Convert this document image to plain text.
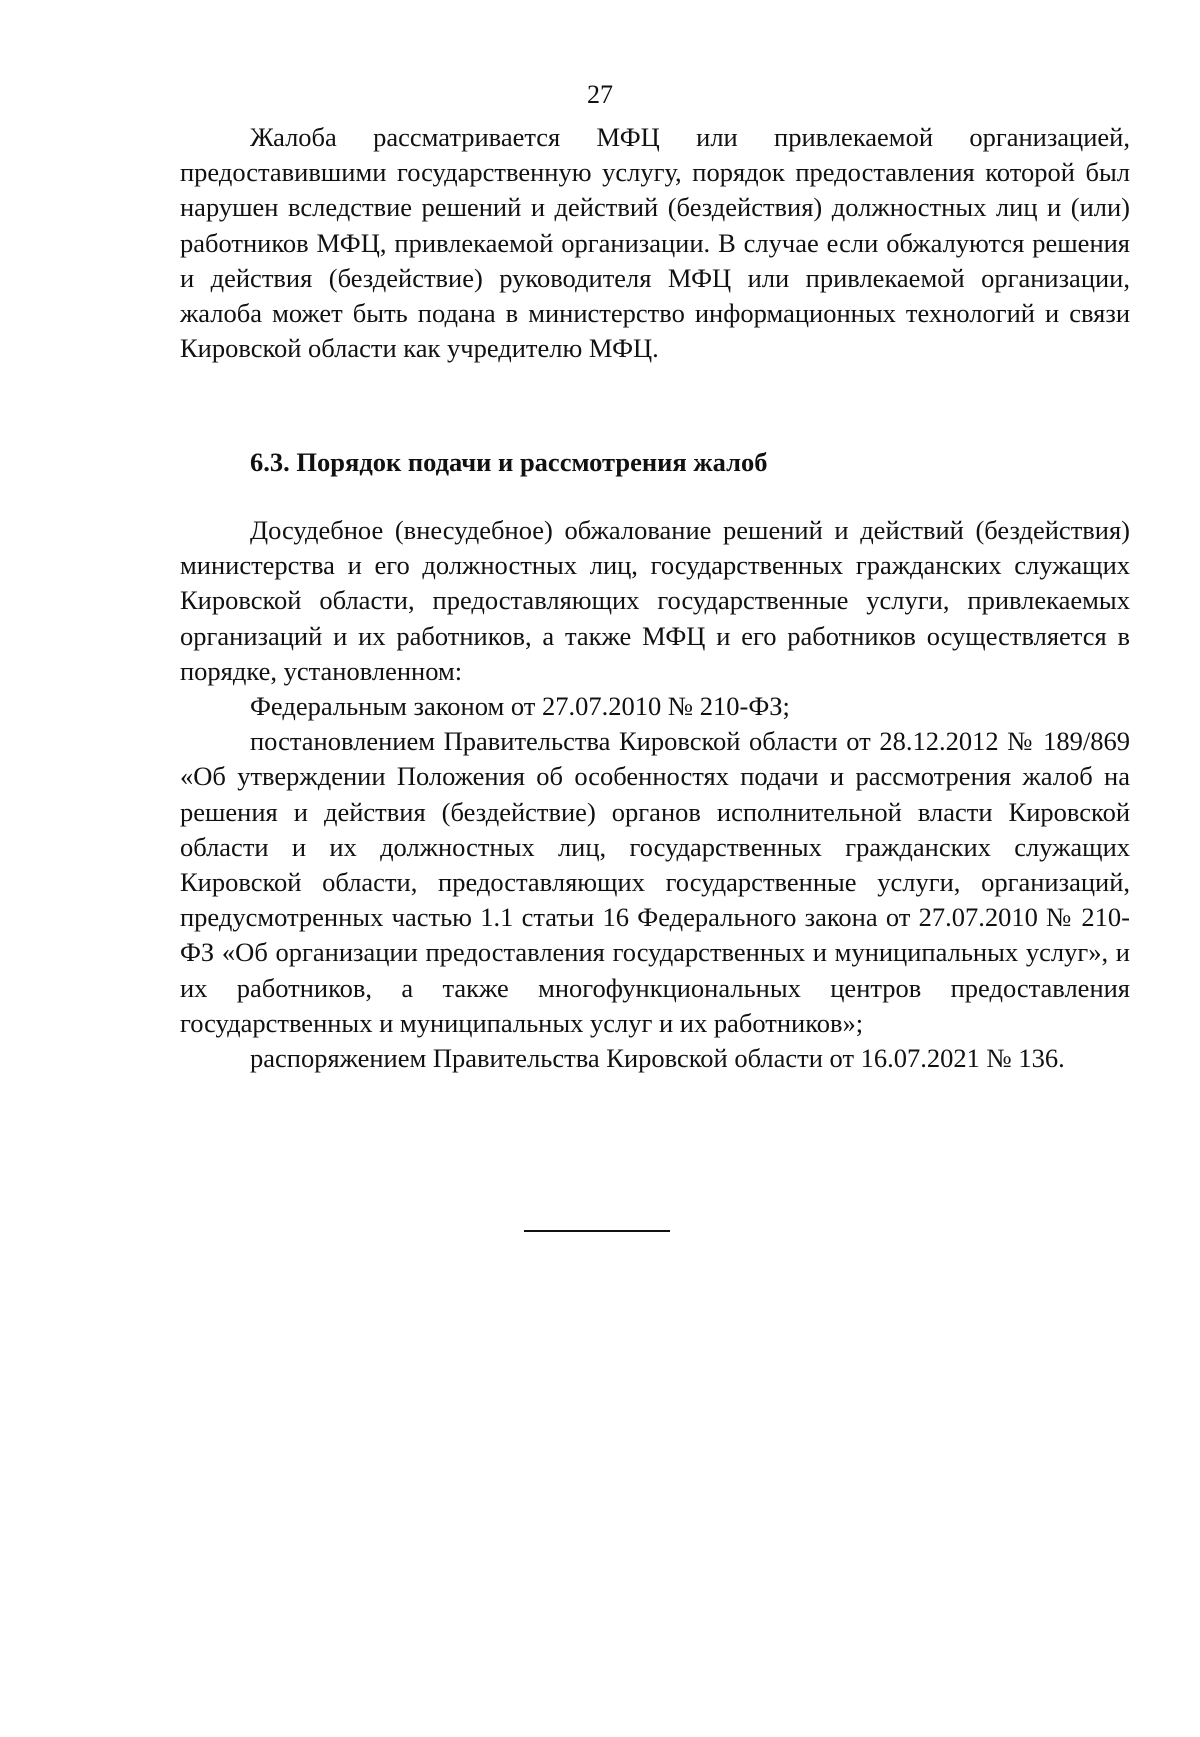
27

Жалоба рассматривается МФЦ или привлекаемой организацией, предоставившими государственную услугу, порядок предоставления которой был нарушен вследствие решений и действий (бездействия) должностных лиц и (или) работников МФЦ, привлекаемой организации. В случае если обжалуются решения и действия (бездействие) руководителя МФЦ или привлекаемой организации, жалоба может быть подана в министерство информационных технологий и связи Кировской области как учредителю МФЦ.

6.3. Порядок подачи и рассмотрения жалоб

Досудебное (внесудебное) обжалование решений и действий (бездействия) министерства и его должностных лиц, государственных гражданских служащих Кировской области, предоставляющих государственные услуги, привлекаемых организаций и их работников, а также МФЦ и его работников осуществляется в порядке, установленном:

Федеральным законом от 27.07.2010 № 210-ФЗ;

постановлением Правительства Кировской области от 28.12.2012 № 189/869 «Об утверждении Положения об особенностях подачи и рассмотрения жалоб на решения и действия (бездействие) органов исполнительной власти Кировской области и их должностных лиц, государственных гражданских служащих Кировской области, предоставляющих государственные услуги, организаций, предусмотренных частью 1.1 статьи 16 Федерального закона от 27.07.2010 № 210-ФЗ «Об организации предоставления государственных и муниципальных услуг», и их работников, а также многофункциональных центров предоставления государственных и муниципальных услуг и их работников»;

распоряжением Правительства Кировской области от 16.07.2021 № 136.
